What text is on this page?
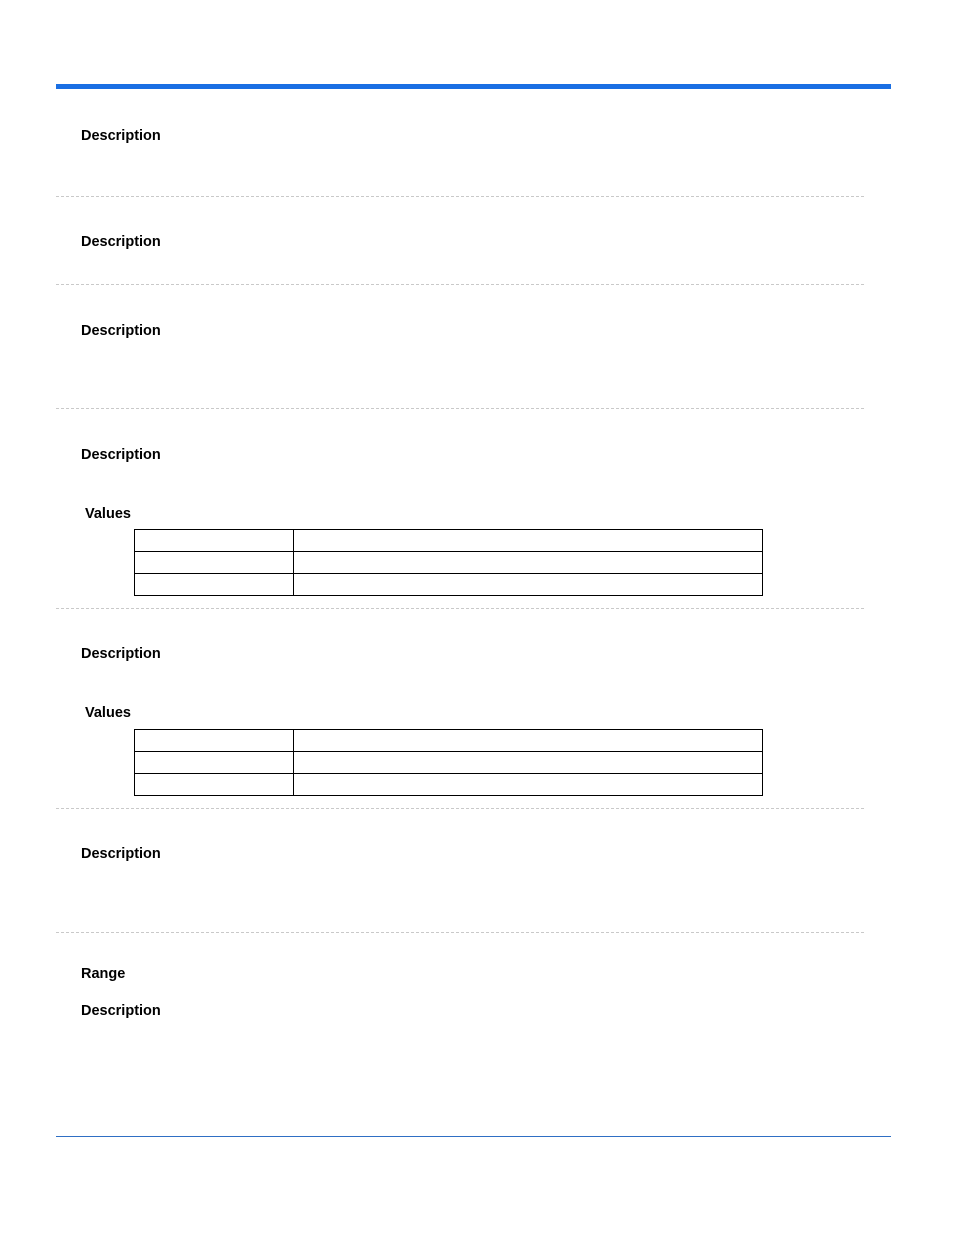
Description
Description
Description
Description
Values

Description
Values

Description
Range
Description
